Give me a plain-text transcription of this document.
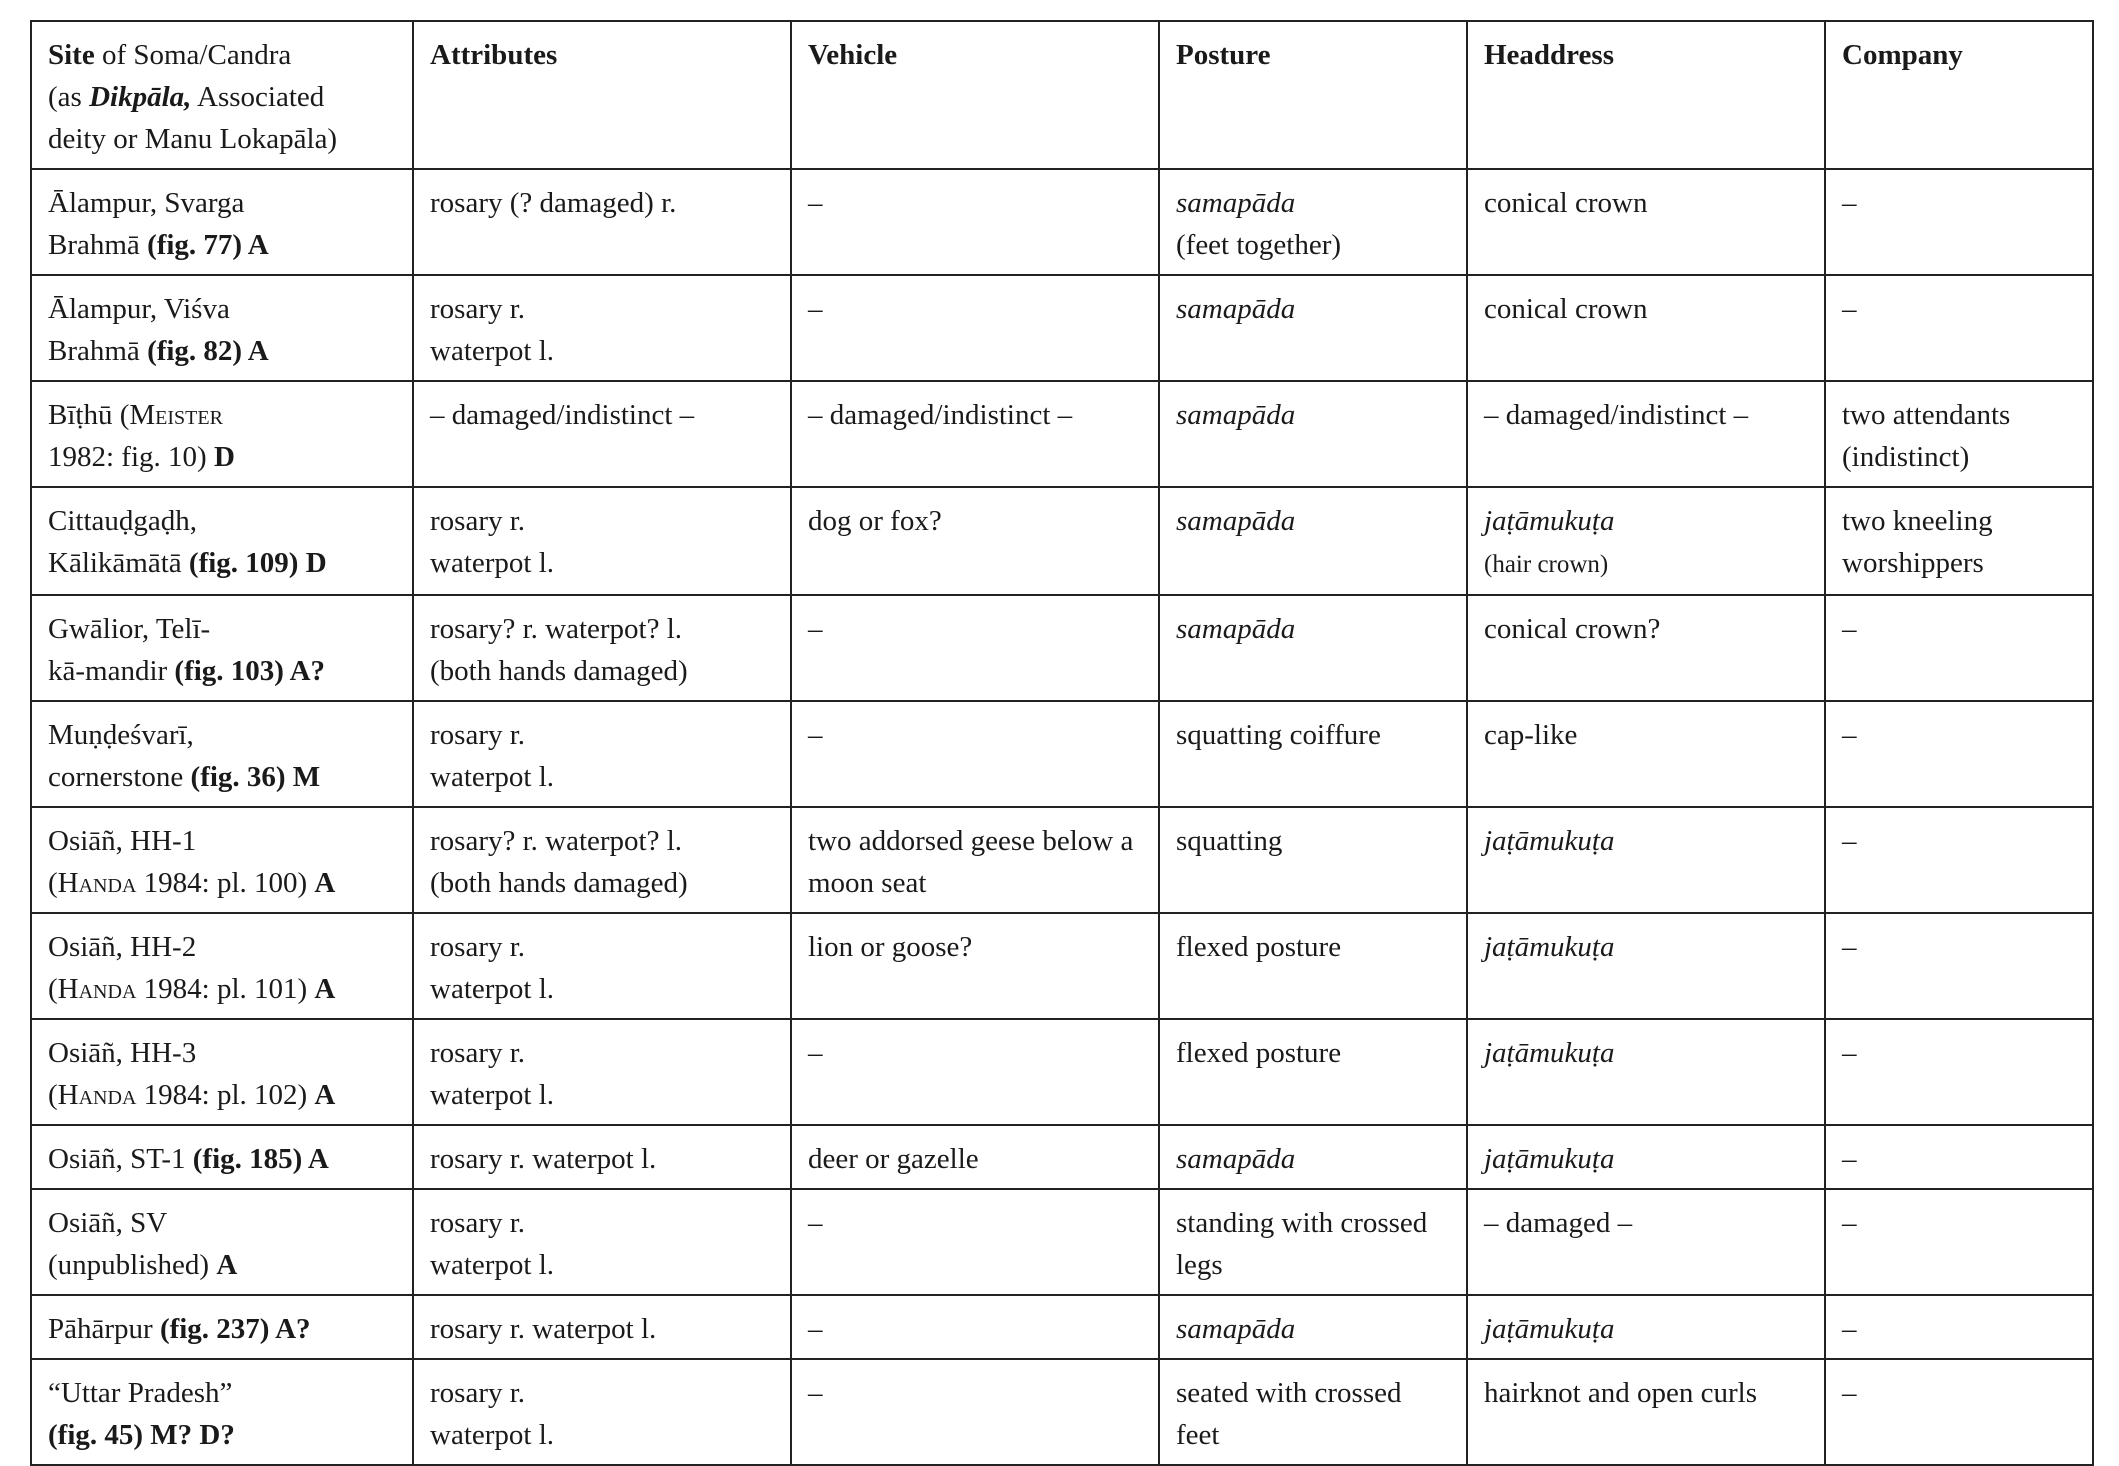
Site of Soma/Candra
(as Dikpāla, Associated
deity or Manu Lokapāla)	Attributes	Vehicle	Posture	Headdress	Company
Ālampur, Svarga
Brahmā (fig. 77) A	rosary (? damaged) r.	–	samapāda
(feet together)	conical crown	–
Ālampur, Viśva
Brahmā (fig. 82) A	rosary r.
waterpot l.	–	samapāda	conical crown	–
Bīṭhū (Meister
1982: fig. 10) D	– damaged/indistinct –	– damaged/indistinct –	samapāda	– damaged/indistinct –	two attendants (indistinct)
Cittauḍgaḍh,
Kālikāmātā (fig. 109) D	rosary r.
waterpot l.	dog or fox?	samapāda	jaṭāmukuṭa
(hair crown)	two kneeling worshippers
Gwālior, Telī-
kā-mandir (fig. 103) A?	rosary? r. waterpot? l.
(both hands damaged)	–	samapāda	conical crown?	–
Muṇḍeśvarī,
cornerstone (fig. 36) M	rosary r.
waterpot l.	–	squatting coiffure	cap-like	–
Osiāñ, HH-1
(Handa 1984: pl. 100) A	rosary? r. waterpot? l.
(both hands damaged)	two addorsed geese below a moon seat	squatting	jaṭāmukuṭa	–
Osiāñ, HH-2
(Handa 1984: pl. 101) A	rosary r.
waterpot l.	lion or goose?	flexed posture	jaṭāmukuṭa	–
Osiāñ, HH-3
(Handa 1984: pl. 102) A	rosary r.
waterpot l.	–	flexed posture	jaṭāmukuṭa	–
Osiāñ, ST-1 (fig. 185) A	rosary r. waterpot l.	deer or gazelle	samapāda	jaṭāmukuṭa	–
Osiāñ, SV
(unpublished) A	rosary r.
waterpot l.	–	standing with crossed legs	– damaged –	–
Pāhārpur (fig. 237) A?	rosary r. waterpot l.	–	samapāda	jaṭāmukuṭa	–
“Uttar Pradesh”
(fig. 45) M? D?	rosary r.
waterpot l.	–	seated with crossed feet	hairknot and open curls	–
